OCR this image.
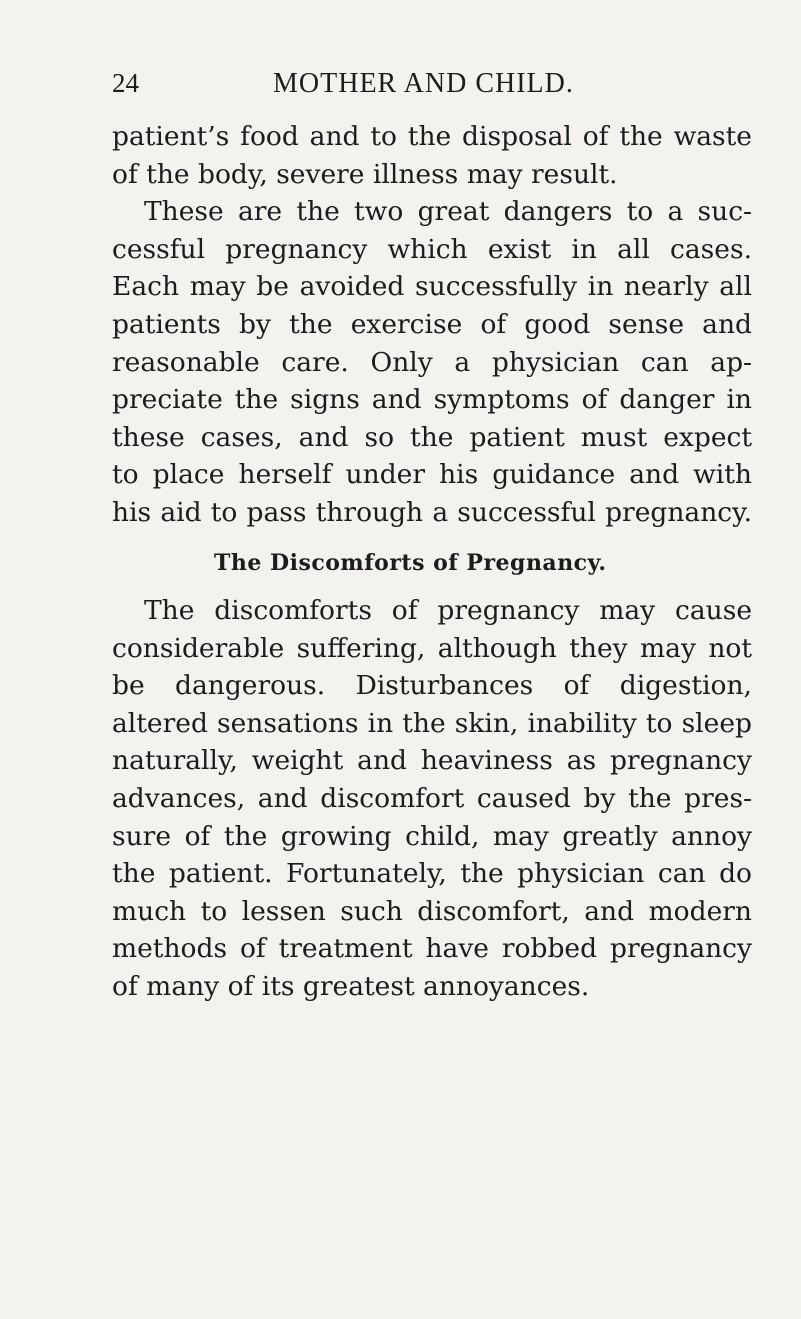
24	MOTHER AND CHILD.
patient’s food and to the disposal of the waste
of the body, severe illness may result.
These are the two great dangers to a suc-
cessful pregnancy which exist in all cases.
Each may be avoided successfully in nearly all
patients by the exercise of good sense and
reasonable care. Only a physician can ap-
preciate the signs and symptoms of danger in
these cases, and so the patient must expect
to place herself under his guidance and with
his aid to pass through a successful pregnancy.
The Discomforts of Pregnancy.
The discomforts of pregnancy may cause
considerable suffering, although they may not
be dangerous. Disturbances of digestion,
altered sensations in the skin, inability to sleep
naturally, weight and heaviness as pregnancy
advances, and discomfort caused by the pres-
sure of the growing child, may greatly annoy
the patient. Fortunately, the physician can do
much to lessen such discomfort, and modern
methods of treatment have robbed pregnancy
of many of its greatest annoyances.
